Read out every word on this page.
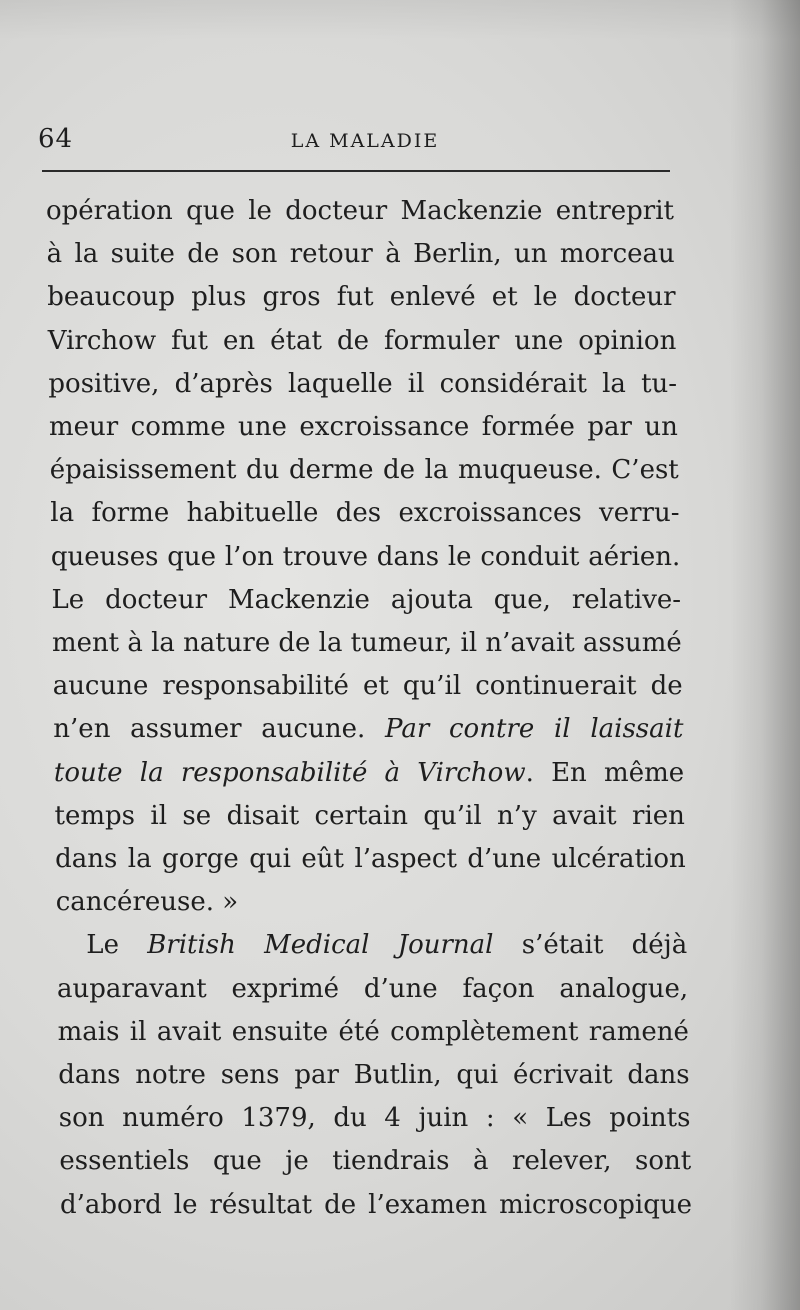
64	LA MALADIE
opération que le docteur Mackenzie entreprit
à la suite de son retour à Berlin, un morceau
beaucoup plus gros fut enlevé et le docteur
Virchow fut en état de formuler une opinion
positive, d’après laquelle il considérait la tu-
meur comme une excroissance formée par un
épaisissement du derme de la muqueuse. C’est
la forme habituelle des excroissances verru-
queuses que l’on trouve dans le conduit aérien.
Le docteur Mackenzie ajouta que, relative-
ment à la nature de la tumeur, il n’avait assumé
aucune responsabilité et qu’il continuerait de
n’en assumer aucune. Par contre il laissait
toute la responsabilité à Virchow. En même
temps il se disait certain qu’il n’y avait rien
dans la gorge qui eût l’aspect d’une ulcération
cancéreuse. »
Le British Medical Journal s’était déjà
auparavant exprimé d’une façon analogue,
mais il avait ensuite été complètement ramené
dans notre sens par Butlin, qui écrivait dans
son numéro 1379, du 4 juin : « Les points
essentiels que je tiendrais à relever, sont
d’abord le résultat de l’examen microscopique
